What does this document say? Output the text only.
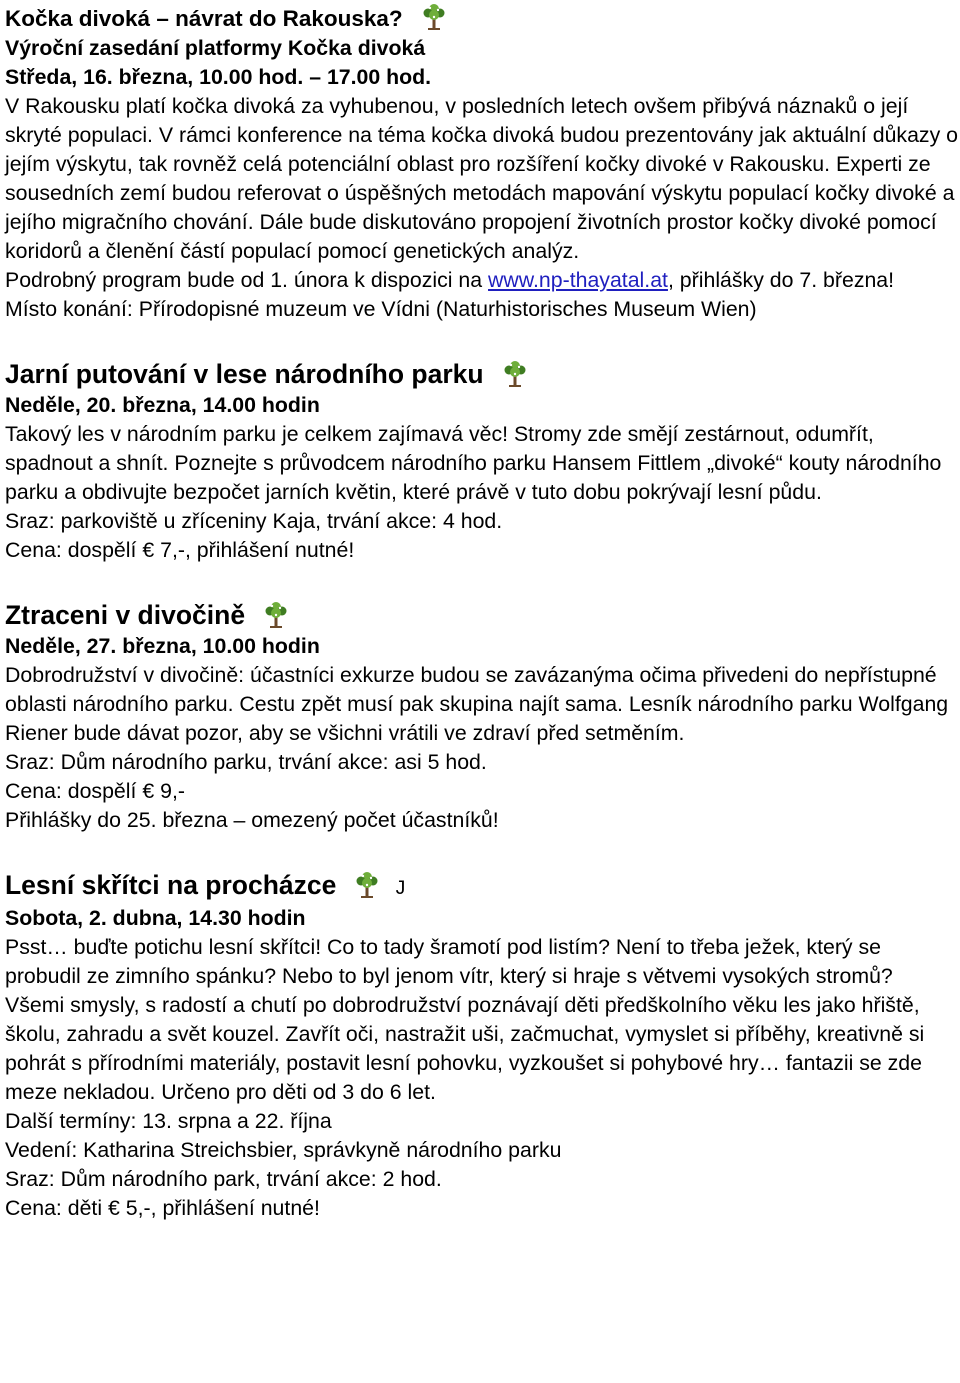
Kočka divoká – návrat do Rakouska?

Výroční zasedání platformy Kočka divoká

Středa, 16. března, 10.00 hod. – 17.00 hod.

V Rakousku platí kočka divoká za vyhubenou, v posledních letech ovšem přibývá náznaků o její skryté populaci. V rámci konference na téma kočka divoká budou prezentovány jak aktuální důkazy o jejím výskytu, tak rovněž celá potenciální oblast pro rozšíření kočky divoké v Rakousku. Experti ze sousedních zemí budou referovat o úspěšných metodách mapování výskytu populací kočky divoké a jejího migračního chování. Dále bude diskutováno propojení životních prostor kočky divoké pomocí koridorů a členění částí populací pomocí genetických analýz.

Podrobný program bude od 1. února k dispozici na www.np-thayatal.at, přihlášky do 7. března!

Místo konání: Přírodopisné muzeum ve Vídni (Naturhistorisches Museum Wien)

Jarní putování v lese národního parku

Neděle, 20. března, 14.00 hodin

Takový les v národním parku je celkem zajímavá věc! Stromy zde smějí zestárnout, odumřít, spadnout a shnít. Poznejte s průvodcem národního parku Hansem Fittlem „divoké“ kouty národního parku a obdivujte bezpočet jarních květin, které právě v tuto dobu pokrývají lesní půdu.

Sraz: parkoviště u zříceniny Kaja, trvání akce: 4 hod.

Cena: dospělí € 7,-, přihlášení nutné!

Ztraceni v divočině

Neděle, 27. března, 10.00 hodin

Dobrodružství v divočině: účastníci exkurze budou se zavázanýma očima přivedeni do nepřístupné oblasti národního parku. Cestu zpět musí pak skupina najít sama. Lesník národního parku Wolfgang Riener bude dávat pozor, aby se všichni vrátili ve zdraví před setměním.

Sraz: Dům národního parku, trvání akce: asi 5 hod.

Cena: dospělí € 9,-

Přihlášky do 25. března – omezený počet účastníků!

Lesní skřítci na procházce	J

Sobota, 2. dubna, 14.30 hodin

Psst… buďte potichu lesní skřítci! Co to tady šramotí pod listím? Není to třeba ježek, který se probudil ze zimního spánku? Nebo to byl jenom vítr, který si hraje s větvemi vysokých stromů?

Všemi smysly, s radostí a chutí po dobrodružství poznávají děti předškolního věku les jako hřiště, školu, zahradu a svět kouzel. Zavřít oči, nastražit uši, začmuchat, vymyslet si příběhy, kreativně si pohrát s přírodními materiály, postavit lesní pohovku, vyzkoušet si pohybové hry… fantazii se zde meze nekladou. Určeno pro děti od 3 do 6 let.

Další termíny: 13. srpna a 22. října

Vedení: Katharina Streichsbier, správkyně národního parku

Sraz: Dům národního park, trvání akce: 2 hod.

Cena: děti € 5,-, přihlášení nutné!
